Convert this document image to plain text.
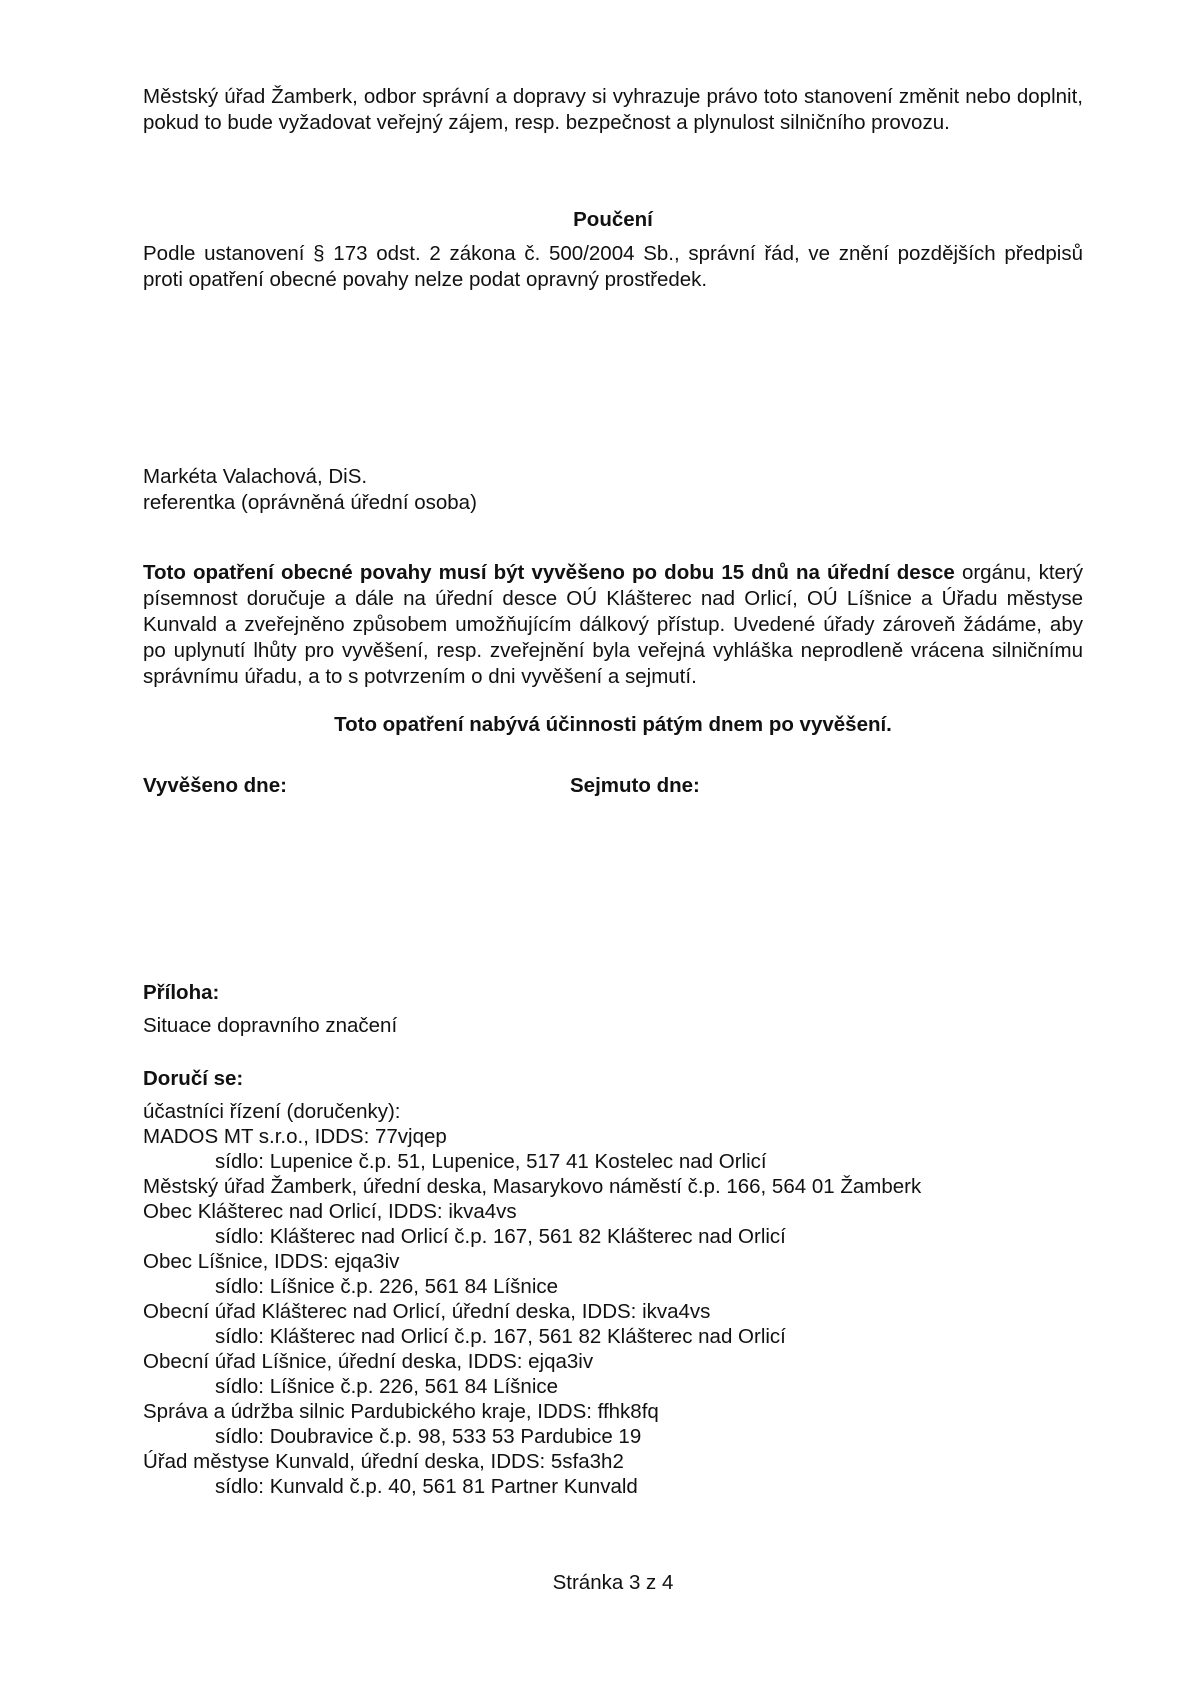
Městský úřad Žamberk, odbor správní a dopravy si vyhrazuje právo toto stanovení změnit nebo doplnit, pokud to bude vyžadovat veřejný zájem, resp. bezpečnost a plynulost silničního provozu.

Poučení

Podle ustanovení § 173 odst. 2 zákona č. 500/2004 Sb., správní řád, ve znění pozdějších předpisů proti opatření obecné povahy nelze podat opravný prostředek.

Markéta Valachová, DiS.
referentka (oprávněná úřední osoba)

Toto opatření obecné povahy musí být vyvěšeno po dobu 15 dnů na úřední desce orgánu, který písemnost doručuje a dále na úřední desce OÚ Klášterec nad Orlicí, OÚ Líšnice a Úřadu městyse Kunvald a zveřejněno způsobem umožňujícím dálkový přístup. Uvedené úřady zároveň žádáme, aby po uplynutí lhůty pro vyvěšení, resp. zveřejnění byla veřejná vyhláška neprodleně vrácena silničnímu správnímu úřadu, a to s potvrzením o dni vyvěšení a sejmutí.

Toto opatření nabývá účinnosti pátým dnem po vyvěšení.
Vyvěšeno dne:	Sejmuto dne:
Příloha:
Situace dopravního značení
Doručí se:
účastníci řízení (doručenky):
MADOS MT s.r.o., IDDS: 77vjqep
sídlo: Lupenice č.p. 51, Lupenice, 517 41 Kostelec nad Orlicí
Městský úřad Žamberk, úřední deska, Masarykovo náměstí č.p. 166, 564 01 Žamberk
Obec Klášterec nad Orlicí, IDDS: ikva4vs
sídlo: Klášterec nad Orlicí č.p. 167, 561 82 Klášterec nad Orlicí
Obec Líšnice, IDDS: ejqa3iv
sídlo: Líšnice č.p. 226, 561 84 Líšnice
Obecní úřad Klášterec nad Orlicí, úřední deska, IDDS: ikva4vs
sídlo: Klášterec nad Orlicí č.p. 167, 561 82 Klášterec nad Orlicí
Obecní úřad Líšnice, úřední deska, IDDS: ejqa3iv
sídlo: Líšnice č.p. 226, 561 84 Líšnice
Správa a údržba silnic Pardubického kraje, IDDS: ffhk8fq
sídlo: Doubravice č.p. 98, 533 53 Pardubice 19
Úřad městyse Kunvald, úřední deska, IDDS: 5sfa3h2
sídlo: Kunvald č.p. 40, 561 81 Partner Kunvald
Stránka 3 z 4
